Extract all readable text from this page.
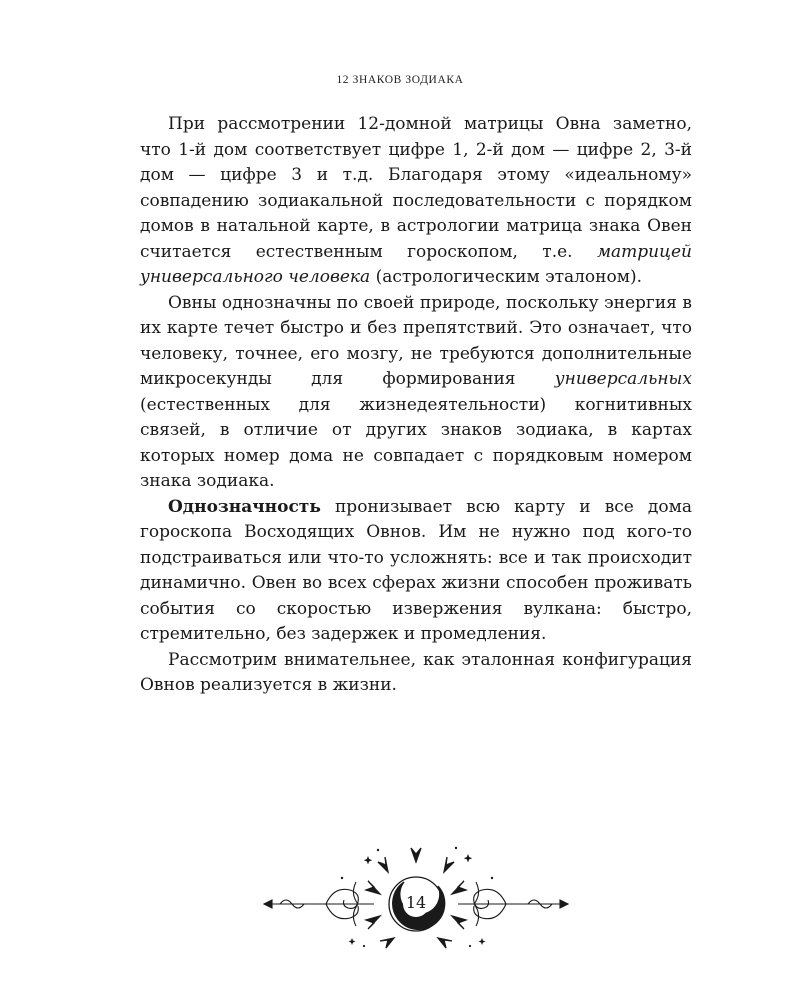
12 ЗНАКОВ ЗОДИАКА

При рассмотрении 12-домной матрицы Овна заметно, что 1-й дом соответствует цифре 1, 2-й дом — цифре 2, 3-й дом — цифре 3 и т.д. Благодаря этому «идеальному» совпадению зодиакальной последовательности с порядком домов в натальной карте, в астрологии матрица знака Овен считается естественным гороскопом, т.е. матрицей универсального человека (астрологическим эталоном).

Овны однозначны по своей природе, поскольку энергия в их карте течет быстро и без препятствий. Это означает, что человеку, точнее, его мозгу, не требуются дополнительные микросекунды для формирования универсальных (естественных для жизнедеятельности) когнитивных связей, в отличие от других знаков зодиака, в картах которых номер дома не совпадает с порядковым номером знака зодиака.

Однозначность пронизывает всю карту и все дома гороскопа Восходящих Овнов. Им не нужно под кого-то подстраиваться или что-то усложнять: все и так происходит динамично. Овен во всех сферах жизни способен проживать события со скоростью извержения вулкана: быстро, стремительно, без задержек и промедления.

Рассмотрим внимательнее, как эталонная конфигурация Овнов реализуется в жизни.

14
